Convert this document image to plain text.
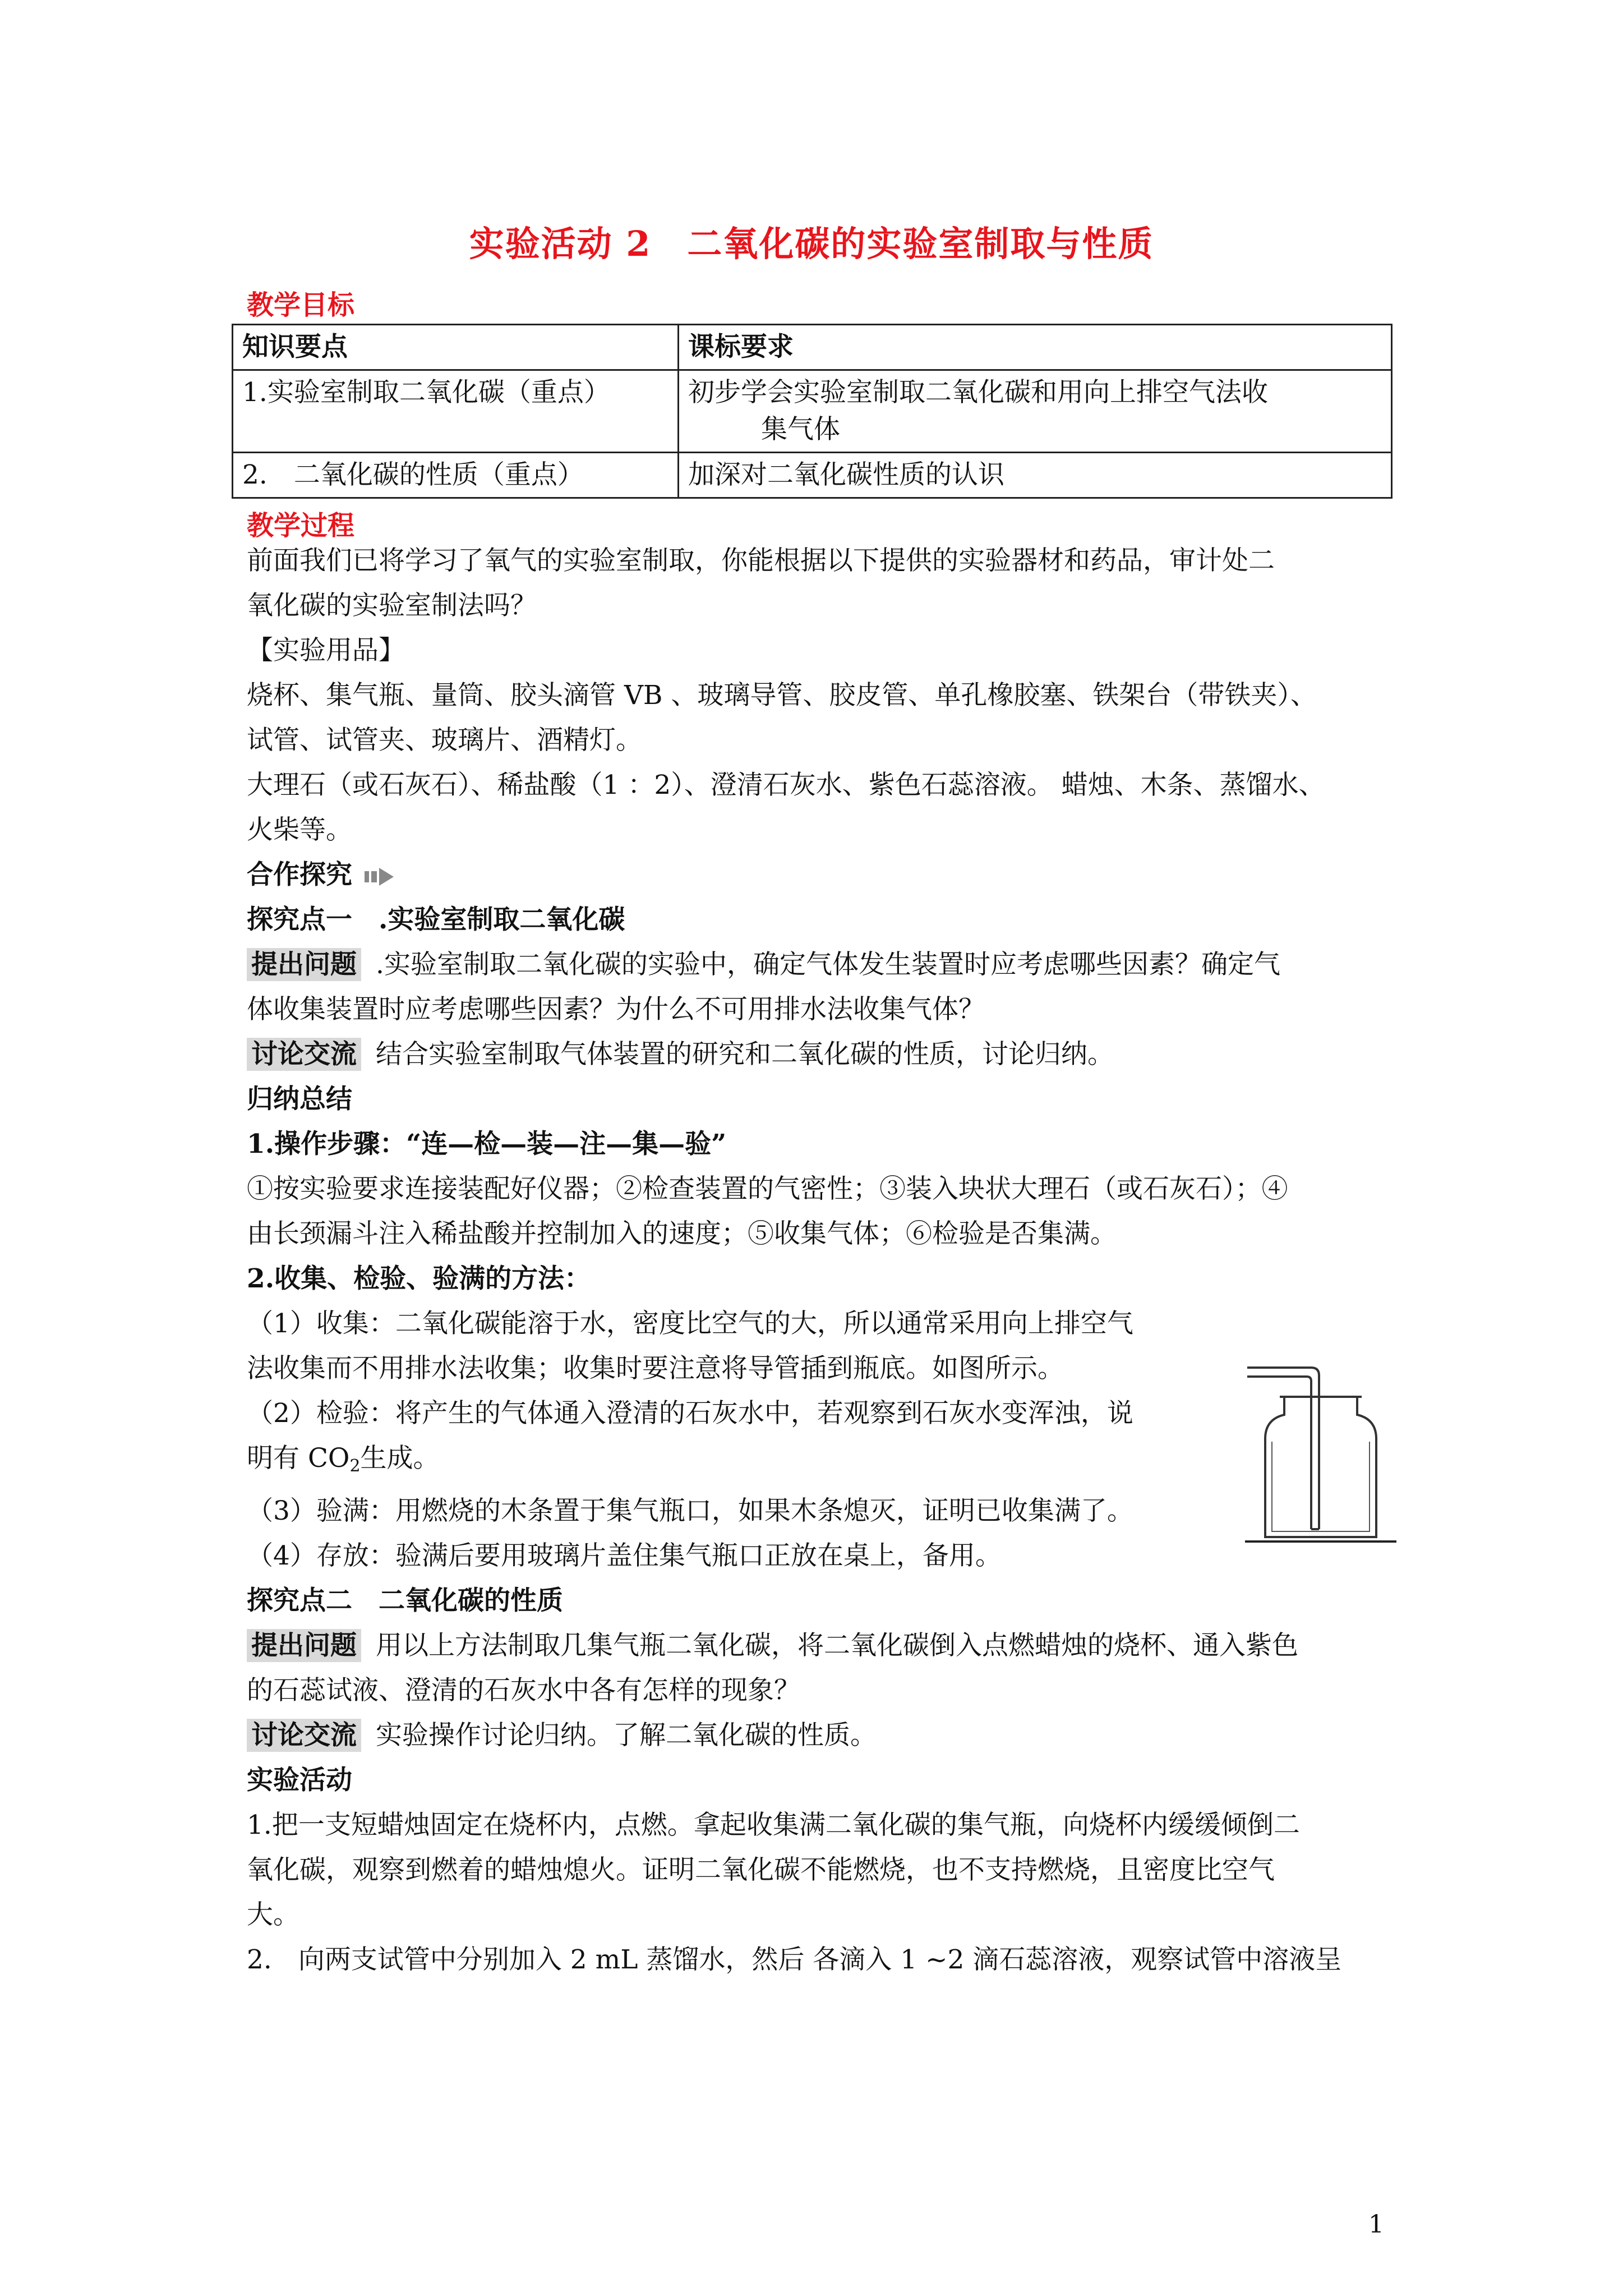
实验活动 2　二氧化碳的实验室制取与性质
教学目标
知识要点	课标要求
1.实验室制取二氧化碳（重点）	初步学会实验室制取二氧化碳和用向上排空气法收
集气体

2.　二氧化碳的性质（重点）	加深对二氧化碳性质的认识
教学过程
前面我们已将学习了氧气的实验室制取，你能根据以下提供的实验器材和药品，审计处二
氧化碳的实验室制法吗？
【实验用品】
烧杯、集气瓶、量筒、胶头滴管 VB 、玻璃导管、胶皮管、单孔橡胶塞、铁架台（带铁夹）、
试管、试管夹、玻璃片、酒精灯。
大理石（或石灰石）、稀盐酸（1 ：2）、澄清石灰水、紫色石蕊溶液。 蜡烛、木条、蒸馏水、
火柴等。
合作探究
探究点一　.实验室制取二氧化碳
提出问题 .实验室制取二氧化碳的实验中，确定气体发生装置时应考虑哪些因素？确定气
体收集装置时应考虑哪些因素？为什么不可用排水法收集气体？
讨论交流 结合实验室制取气体装置的研究和二氧化碳的性质，讨论归纳。
归纳总结
1.操作步骤：“连—检—装—注—集—验”
①按实验要求连接装配好仪器；②检查装置的气密性；③装入块状大理石（或石灰石）；④
由长颈漏斗注入稀盐酸并控制加入的速度；⑤收集气体；⑥检验是否集满。
2.收集、检验、验满的方法：
（1）收集：二氧化碳能溶于水，密度比空气的大，所以通常采用向上排空气
法收集而不用排水法收集；收集时要注意将导管插到瓶底。如图所示。
（2）检验：将产生的气体通入澄清的石灰水中，若观察到石灰水变浑浊，说
明有 $CO_2$生成。
（3）验满：用燃烧的木条置于集气瓶口，如果木条熄灭，证明已收集满了。
（4）存放：验满后要用玻璃片盖住集气瓶口正放在桌上，备用。
探究点二　二氧化碳的性质
提出问题 用以上方法制取几集气瓶二氧化碳，将二氧化碳倒入点燃蜡烛的烧杯、通入紫色
的石蕊试液、澄清的石灰水中各有怎样的现象？
讨论交流 实验操作讨论归纳。了解二氧化碳的性质。
实验活动
1.把一支短蜡烛固定在烧杯内，点燃。拿起收集满二氧化碳的集气瓶，向烧杯内缓缓倾倒二
氧化碳，观察到燃着的蜡烛熄火。证明二氧化碳不能燃烧，也不支持燃烧，且密度比空气
大。
2.　向两支试管中分别加入 2 mL 蒸馏水，然后 各滴入 1 ~2 滴石蕊溶液，观察试管中溶液呈
1
